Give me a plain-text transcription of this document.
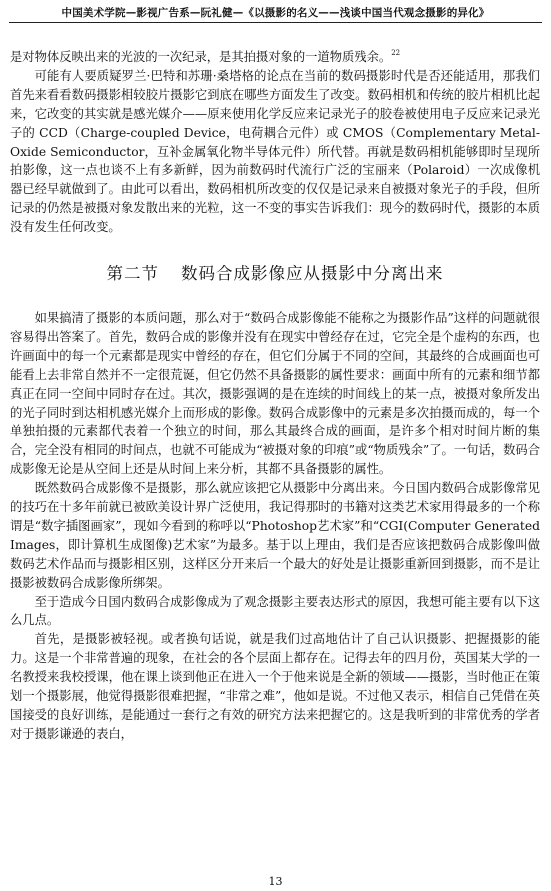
中国美术学院—影视广告系—阮礼健—《以摄影的名义——浅谈中国当代观念摄影的异化》

是对物体反映出来的光波的一次纪录，是其拍摄对象的一道物质残余。$^{22}$

可能有人要质疑罗兰·巴特和苏珊·桑塔格的论点在当前的数码摄影时代是否还能适用，那我们首先来看看数码摄影相较胶片摄影它到底在哪些方面发生了改变。数码相机和传统的胶片相机比起来，它改变的其实就是感光媒介——原来使用化学反应来记录光子的胶卷被使用电子反应来记录光子的 CCD（Charge-coupled Device，电荷耦合元件）或 CMOS（Complementary Metal-Oxide Semiconductor，互补金属氧化物半导体元件）所代替。再就是数码相机能够即时呈现所拍影像，这一点也谈不上有多新鲜，因为前数码时代流行广泛的宝丽来（Polaroid）一次成像机器已经早就做到了。由此可以看出，数码相机所改变的仅仅是记录来自被摄对象光子的手段，但所记录的仍然是被摄对象发散出来的光粒，这一不变的事实告诉我们：现今的数码时代，摄影的本质没有发生任何改变。

第二节 数码合成影像应从摄影中分离出来

如果搞清了摄影的本质问题，那么对于“数码合成影像能不能称之为摄影作品”这样的问题就很容易得出答案了。首先，数码合成的影像并没有在现实中曾经存在过，它完全是个虚构的东西，也许画面中的每一个元素都是现实中曾经的存在，但它们分属于不同的空间，其最终的合成画面也可能看上去非常自然并不一定很荒诞，但它仍然不具备摄影的属性要求：画面中所有的元素和细节都真正在同一空间中同时存在过。其次，摄影强调的是在连续的时间线上的某一点，被摄对象所发出的光子同时到达相机感光媒介上而形成的影像。数码合成影像中的元素是多次拍摄而成的，每一个单独拍摄的元素都代表着一个独立的时间，那么其最终合成的画面，是许多个相对时间片断的集合，完全没有相同的时间点，也就不可能成为“被摄对象的印痕”或“物质残余”了。一句话，数码合成影像无论是从空间上还是从时间上来分析，其都不具备摄影的属性。

既然数码合成影像不是摄影，那么就应该把它从摄影中分离出来。今日国内数码合成影像常见的技巧在十多年前就已被欧美设计界广泛使用，我记得那时的书籍对这类艺术家用得最多的一个称谓是“数字插图画家”，现如今看到的称呼以“Photoshop艺术家”和“CGI(Computer Generated Images，即计算机生成图像)艺术家”为最多。基于以上理由，我们是否应该把数码合成影像叫做数码艺术作品而与摄影相区别，这样区分开来后一个最大的好处是让摄影重新回到摄影，而不是让摄影被数码合成影像所绑架。

至于造成今日国内数码合成影像成为了观念摄影主要表达形式的原因，我想可能主要有以下这么几点。

首先，是摄影被轻视。或者换句话说，就是我们过高地估计了自己认识摄影、把握摄影的能力。这是一个非常普遍的现象，在社会的各个层面上都存在。记得去年的四月份，英国某大学的一名教授来我校授课，他在课上谈到他正在进入一个于他来说是全新的领域——摄影，当时他正在策划一个摄影展，他觉得摄影很难把握，“非常之难”，他如是说。不过他又表示，相信自己凭借在英国接受的良好训练，是能通过一套行之有效的研究方法来把握它的。这是我听到的非常优秀的学者对于摄影谦逊的表白，

13
